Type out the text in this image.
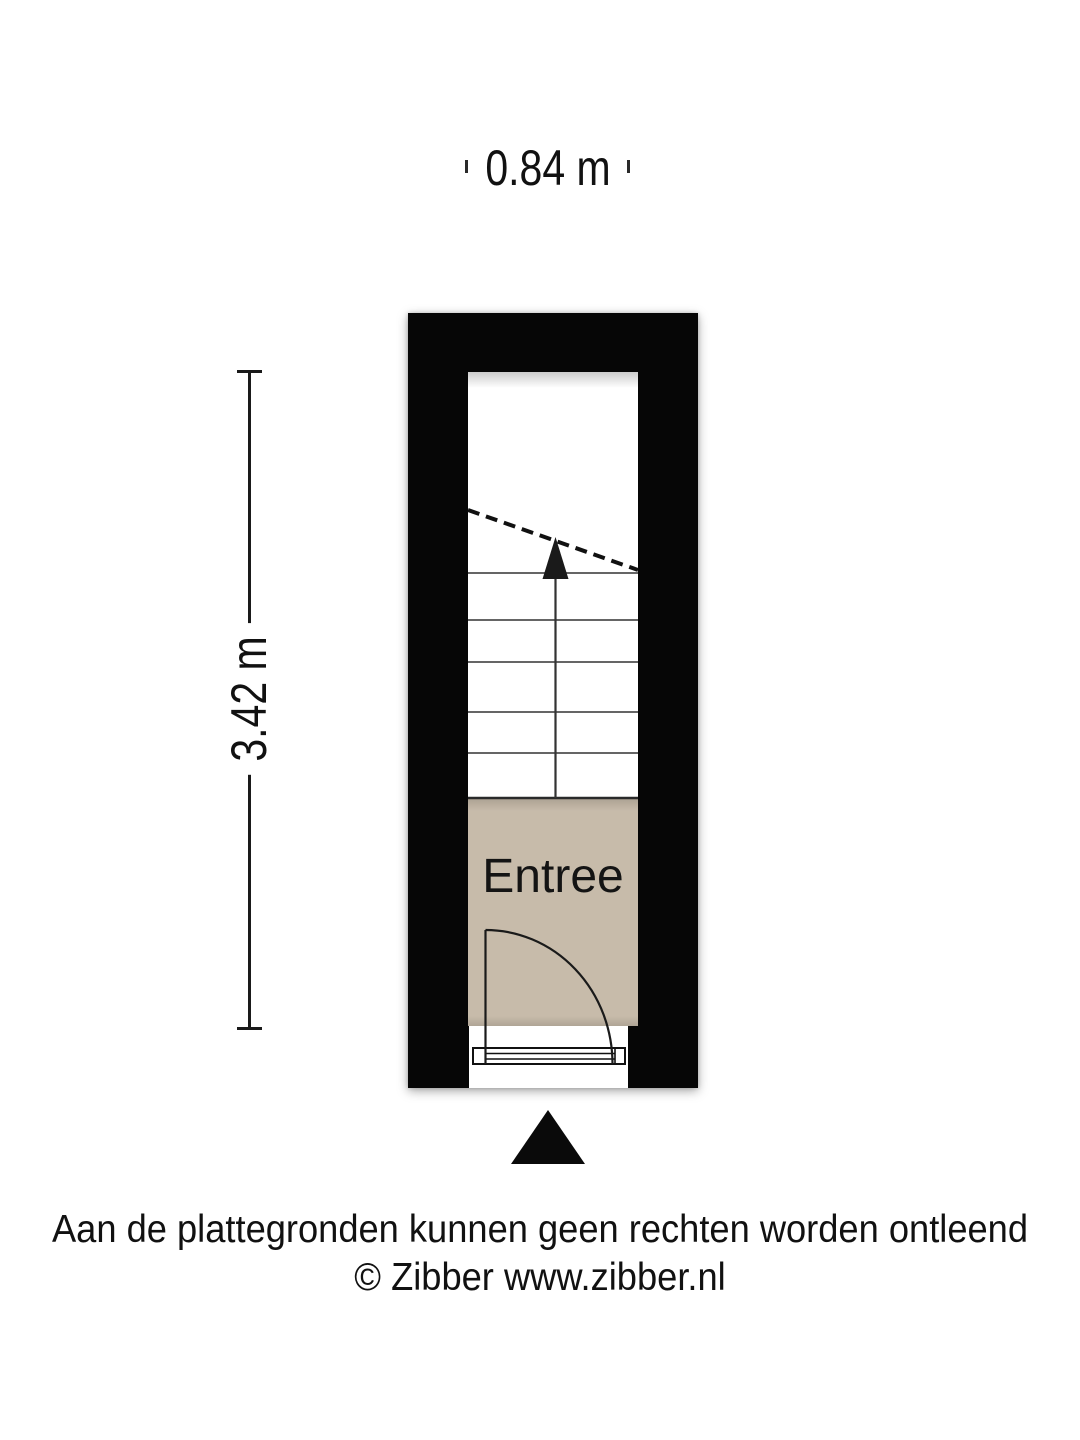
0.84 m
3.42 m
Entree
Aan de plattegronden kunnen geen rechten worden ontleend
© Zibber www.zibber.nl
